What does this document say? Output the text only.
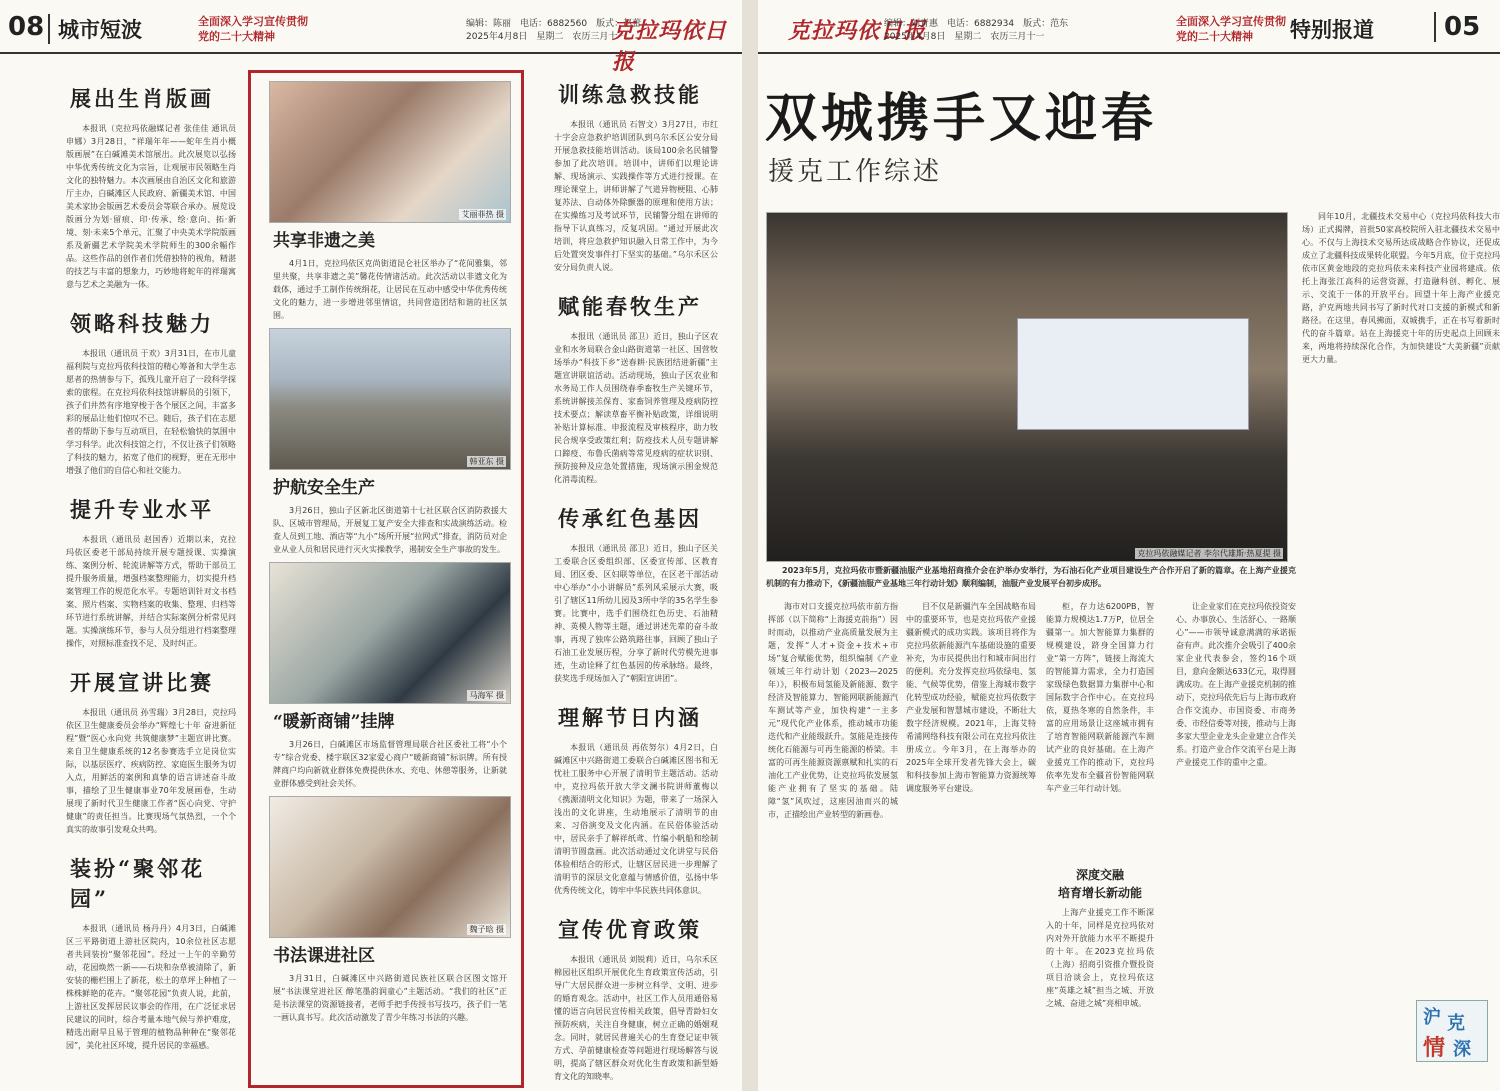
08 城市短波	全面深入学习宣传贯彻
党的二十大精神
编辑：陈丽　电话：6882560　版式：赵蕾
2025年4月8日　星期二　农历三月十一
克拉玛依日报
展出生肖版画
本报讯（克拉玛依融媒记者 张佳佳 通讯员 申娜）3月28日，“祥瑞年年——蛇年生肖小概版画展”在白碱滩美术馆展出。此次展览以弘扬中华优秀传统文化为宗旨，让观展市民领略生肖文化的独特魅力。本次画展由自治区文化和旅游厅主办，白碱滩区人民政府、新疆美术馆、中国美术家协会版画艺术委员会等联合承办。展览设版画分为划·留痕、印·传承、绘·意向、拓·新境、刻·未来5个单元，汇聚了中央美术学院版画系及新疆艺术学院美术学院师生的300余幅作品。这些作品的创作者们凭借独特的视角，精湛的技艺与丰富的想象力，巧妙地将蛇年的祥瑞寓意与艺术之美融为一体。
领略科技魅力
本报讯（通讯员 于欢）3月31日，在市儿童福利院与克拉玛依科技馆的精心筹备和大学生志愿者的热情参与下，孤残儿童开启了一段科学探索的旅程。在克拉玛依科技馆讲解员的引领下，孩子们井然有序地穿梭于各个展区之间，丰富多彩的展品让他们惊叹不已。随后，孩子们在志愿者的帮助下参与互动项目，在轻松愉快的氛围中学习科学。此次科技馆之行，不仅让孩子们领略了科技的魅力，拓宽了他们的视野，更在无形中增强了他们的自信心和社交能力。
提升专业水平
本报讯（通讯员 赵国香）近期以来，克拉玛依区委老干部局持续开展专题授课、实操演练、案例分析、轮流讲解等方式，帮助干部员工提升服务质量，增强档案整理能力，切实提升档案管理工作的规范化水平。专题培训针对文书档案、照片档案、实物档案的收集、整理、归档等环节进行系统讲解，并结合实际案例分析常见问题。实操演练环节，参与人员分组进行档案整理操作，对照标准查找不足、及时纠正。
开展宣讲比赛
本报讯（通讯员 孙雪瑞）3月28日，克拉玛依区卫生健康委员会举办“辉煌七十年 奋进新征程”暨“医心永向党 共筑健康梦”主题宣讲比赛。来自卫生健康系统的12名参赛选手立足岗位实际，以基层医疗、疾病防控、家庭医生服务为切入点，用鲜活的案例和真挚的语言讲述奋斗故事，描绘了卫生健康事业70年发展画卷，生动展现了新时代卫生健康工作者“医心向党、守护健康”的责任担当。比赛现场气氛热烈，一个个真实的故事引发观众共鸣。
装扮“聚邻花园”
本报讯（通讯员 杨丹丹）4月3日，白碱滩区三平路街道上游社区院内，10余位社区志愿者共同装扮“聚邻花园”。经过一上午的辛勤劳动，花园焕然一新——石块和杂草被清除了，新安装的栅栏围上了新花，松土的草坪上种植了一株株鲜艳的花卉。“聚邻花园”负责人说，此前，上游社区发挥居民议事会的作用，在广泛征求居民建议的同时，综合考量本地气候与养护难度，精选出耐旱且易于管理的植物品种种在“聚邻花园”，美化社区环境，提升居民的幸福感。
艾丽菲热 摄
共享非遗之美
4月1日，克拉玛依区克尚街道昆仑社区举办了“花间雅集，邻里共聚，共享非遗之美”馨花传情诸活动。此次活动以非遗文化为载体，通过手工制作传统绢花，让居民在互动中感受中华优秀传统文化的魅力，进一步增进邻里情谊，共同营造团结和谐的社区氛围。
韩亚东 摄
护航安全生产
3月26日，独山子区新北区街道第十七社区联合区消防救援大队、区城市管理局，开展复工复产安全大排查和实战演练活动。检查人员到工地、酒店等“九小”场所开展“拉网式”排查，消防员对企业从业人员和居民进行灭火实操教学，遏制安全生产事故的发生。
马海军 摄
“暖新商铺”挂牌
3月26日，白碱滩区市场监督管理局联合社区委社工将“小个专”综合党委、楼宇联区32家爱心商户“暖新商铺”标识牌。所有授牌商户均向新就业群体免费提供休水、充电、休憩等服务，让新就业群体感受到社会关怀。
魏子晗 摄
书法课进社区
3月31日，白碱滩区中兴路街道民族社区联合区图文馆开展“书法课堂进社区 醇笔墨韵润童心”主题活动。“我们的社区”正是书法课堂的资源链接者，老师手把手传授书写技巧，孩子们一笔一画认真书写。此次活动激发了青少年练习书法的兴趣。
训练急救技能
本报讯（通讯员 石智文）3月27日，市红十字会应急救护培训团队到乌尔禾区公安分局开展急救技能培训活动。该局100余名民辅警参加了此次培训。培训中，讲师们以理论讲解、现场演示、实践操作等方式进行授课。在理论课堂上，讲师讲解了气道异物梗阻、心肺复苏法、自动体外除颤器的原理和使用方法；在实操练习及考试环节，民辅警分组在讲师的指导下认真练习，反复巩固。“通过开展此次培训，将应急救护知识融入日常工作中，为今后处置突发事件打下坚实的基础。”乌尔禾区公安分局负责人说。
赋能春牧生产
本报讯（通讯员 邵卫）近日，独山子区农业和水务局联合金山路街道第一社区、国营牧场举办“科技下乡”送春耕·民族团结进新疆”主题宣讲联谊活动。活动现场，独山子区农业和水务局工作人员围绕春季畜牧生产关键环节，系统讲解接羔保育、家畜饲养管理及疫病防控技术要点；解读草畜平衡补贴政策，详细说明补贴计算标准、申报流程及审核程序，助力牧民合规享受政策红利；防疫技术人员专题讲解口蹄疫、布鲁氏菌病等常见疫病的症状识别、预防接种及应急处置措施，现场演示围金规范化消毒流程。
传承红色基因
本报讯（通讯员 邵卫）近日，独山子区关工委联合区委组织部、区委宣传部、区教育局、团区委、区妇联等单位，在区老干部活动中心举办“小小讲解员”系列风采展示大赛，吸引了辖区11所幼儿园及3所中学的35名学生参赛。比赛中，选手们围绕红色历史、石油精神、英模人物等主题，通过讲述先辈的奋斗故事，再现了独库公路筑路往事，回顾了独山子石油工业发展历程，分享了新时代劳模先进事迹，生动诠释了红色基因的传承脉络。最终，获奖选手现场加入了“朝阳宣讲团”。
理解节日内涵
本报讯（通讯员 再依努尔）4月2日，白碱滩区中兴路街道工委联合白碱滩区图书和无忧社工服务中心开展了清明节主题活动。活动中，克拉玛依开放大学文澜书院讲师董梅以《携源清明文化知识》为题，带来了一场深入浅出的文化讲座，生动地展示了清明节的由来、习俗演变及文化内涵。在民俗体验活动中，居民亲手了解祥纸鸢、竹编小帆船和绘制清明节圆盘画。此次活动通过文化讲堂与民俗体验相结合的形式，让辖区居民进一步理解了清明节的深层文化意蕴与情感价值，弘扬中华优秀传统文化，铸牢中华民族共同体意识。
宣传优育政策
本报讯（通讯员 刘锐莉）近日，乌尔禾区棉园社区组织开展优化生育政策宣传活动，引导广大居民群众进一步树立科学、文明、进步的婚育观念。活动中，社区工作人员用通俗易懂的语言向居民宣传相关政策，倡导青龄妇女预防疾病，关注自身健康，树立正确的婚姻观念。同时，就居民普遍关心的生育登记证申领方式、孕前健康检查等问题进行现场解答与说明，提高了辖区群众对优化生育政策和新型婚育文化的知晓率。
克拉玛依日报
编辑：刘青惠　电话：6882934　版式：范东
2025年4月8日　星期二　农历三月十一
全面深入学习宣传贯彻
党的二十大精神	特别报道	05
双城携手又迎春
援克工作综述
克拉玛依融媒记者 李尔代雄斯·热夏提 摄
2023年5月，克拉玛依市暨新疆油服产业基地招商推介会在沪举办安举行，为石油石化产业项目建设生产合作开启了新的篇章。在上海产业援克机制的有力推动下，《新疆油服产业基地三年行动计划》顺利编制，油服产业发展平台初步成形。
海市对口支援克拉玛依市前方指挥部（以下简称“上海援克前指”）因时而动，以推动产业高质量发展为主题，发挥“人才+资金+技术+市场”复合赋能优势，组织编制《产业领域三年行动计划（2023—2025年）》，积极布局氢能及新能源、数字经济及智能算力、智能网联新能源汽车测试等产业，加快构建“一主多元”现代化产业体系，推动城市功能迭代和产业能级跃升。氢能是连接传统化石能源与可再生能源的桥梁。丰富的可再生能源资源禀赋和扎实的石油化工产业优势，让克拉玛依发展氢能产业拥有了坚实的基础。陆障“氢”风吹过，这座因油而兴的城市，正描绘出产业转型的新画卷。
目不仅是新疆汽车全国战略布局中的重要环节，也是克拉玛依产业援疆新模式的成功实践。该项目将作为克拉玛依新能源汽车基础设施的重要补充，为市民提供出行和城市间出行的便利。充分发挥克拉玛依绿电、氢能、气候等优势，借鉴上海城市数字化转型成功经验，赋能克拉玛依数字产业发展和智慧城市建设，不断壮大数字经济规模。2021年，上海艾特希浦网络科技有限公司在克拉玛依注册成立。今年3月，在上海举办的2025年全球开发者先锋大会上，碳和科技参加上海市智能算力资源统筹调度服务平台建设。
柜，存力达6200PB，智能算力规模达1.7万P，位居全疆第一。加大智能算力集群的规模建设，跻身全国算力行业“第一方阵”，链接上海流大的智能算力需求，全力打造国家级绿色数据算力集群中心和国际数字合作中心。在克拉玛依，夏热冬寒的自然条件，丰富的应用场景让这座城市拥有了培育智能网联新能源汽车测试产业的良好基础。在上海产业援克工作的推动下，克拉玛依率先发布全疆首份智能网联车产业三年行动计划。
深度交融
培育增长新动能
上海产业援克工作不断深入的十年，同样是克拉玛依对内对外开放能力水平不断提升的十年。在2023克拉玛依（上海）招商引资推介暨投资项目洽谈会上，克拉玛依这座“英雄之城”担当之城、开放之城、奋进之城”亮相申城。
让企业家们在克拉玛依投资安心、办事放心、生活舒心、一路顺心”——市领导诚意满满的承诺振奋有声。此次推介会吸引了400余家企业代表参会，签约16个项目，意向金额达633亿元，取得圆满成功。在上海产业援克机制的推动下，克拉玛依先后与上海市政府合作交流办、市国资委、市商务委、市经信委等对接，推动与上海多家大型企业龙头企业建立合作关系。打造产业合作交流平台是上海产业援克工作的重中之重。
同年10月，北疆技术交易中心（克拉玛依科技大市场）正式揭牌，首批50家高校院所入驻北疆技术交易中心。不仅与上海技术交易所达成战略合作协议，还促成成立了北疆科技成果转化联盟。今年5月底，位于克拉玛依市区黄金地段的克拉玛依未来科技产业园将建成。依托上海张江高科的运营资源，打造融科创、孵化、展示、交流于一体的开放平台。回望十年上海产业援克路，沪克两地共同书写了新时代对口支援的新模式和新路径。在这里，春风拂面，双城携手，正在书写着新时代的奋斗篇章。站在上海援克十年的历史起点上回顾未来，两地将持续深化合作，为加快建设“大美新疆”贡献更大力量。
沪 克
情 深
